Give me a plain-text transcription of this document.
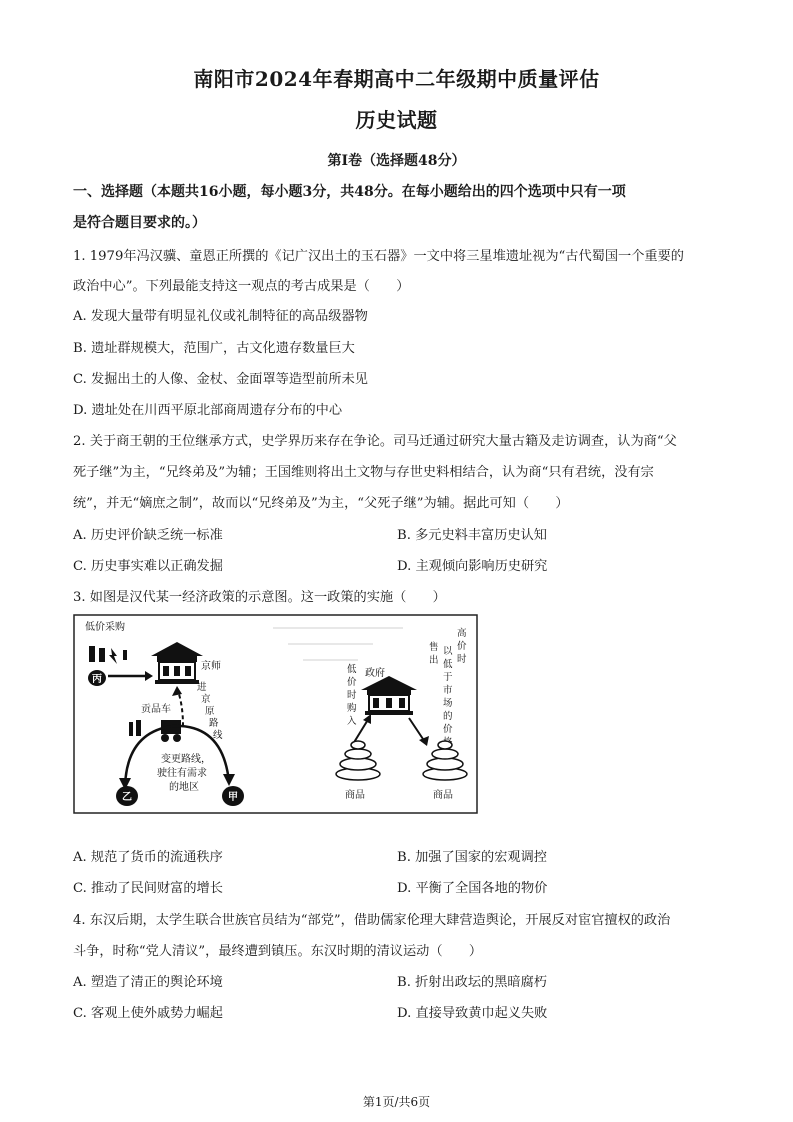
南阳市2024年春期高中二年级期中质量评估
历史试题
第Ⅰ卷（选择题48分）
一、选择题（本题共16小题，每小题3分，共48分。在每小题给出的四个选项中只有一项
是符合题目要求的。）
1. 1979年冯汉骥、童恩正所撰的《记广汉出土的玉石器》一文中将三星堆遗址视为“古代蜀国一个重要的
政治中心”。下列最能支持这一观点的考古成果是（　　）
A. 发现大量带有明显礼仪或礼制特征的高品级器物
B. 遗址群规模大，范围广，古文化遗存数量巨大
C. 发掘出土的人像、金杖、金面罩等造型前所未见
D. 遗址处在川西平原北部商周遗存分布的中心
2. 关于商王朝的王位继承方式，史学界历来存在争论。司马迁通过研究大量古籍及走访调查，认为商“父
死子继”为主，“兄终弟及”为辅；王国维则将出土文物与存世史料相结合，认为商“只有君统，没有宗
统”，并无“嫡庶之制”，故而以“兄终弟及”为主，“父死子继”为辅。据此可知（　　）
A. 历史评价缺乏统一标准	B. 多元史料丰富历史认知
C. 历史事实难以正确发掘	D. 主观倾向影响历史研究
3. 如图是汉代某一经济政策的示意图。这一政策的实施（　　）
低价采购
丙
京师
进
京
原
路
线
贡品车
变更路线，
驶往有需求
的地区
乙	甲
政府
低
价
时
购
入
售
出
以
低
于
市
场
的
价
高
价
时
商品	商品
A. 规范了货币的流通秩序	B. 加强了国家的宏观调控
C. 推动了民间财富的增长	D. 平衡了全国各地的物价
4. 东汉后期，太学生联合世族官员结为“部党”，借助儒家伦理大肆营造舆论，开展反对宦官擅权的政治
斗争，时称“党人清议”，最终遭到镇压。东汉时期的清议运动（　　）
A. 塑造了清正的舆论环境	B. 折射出政坛的黑暗腐朽
C. 客观上使外戚势力崛起	D. 直接导致黄巾起义失败
第1页/共6页
